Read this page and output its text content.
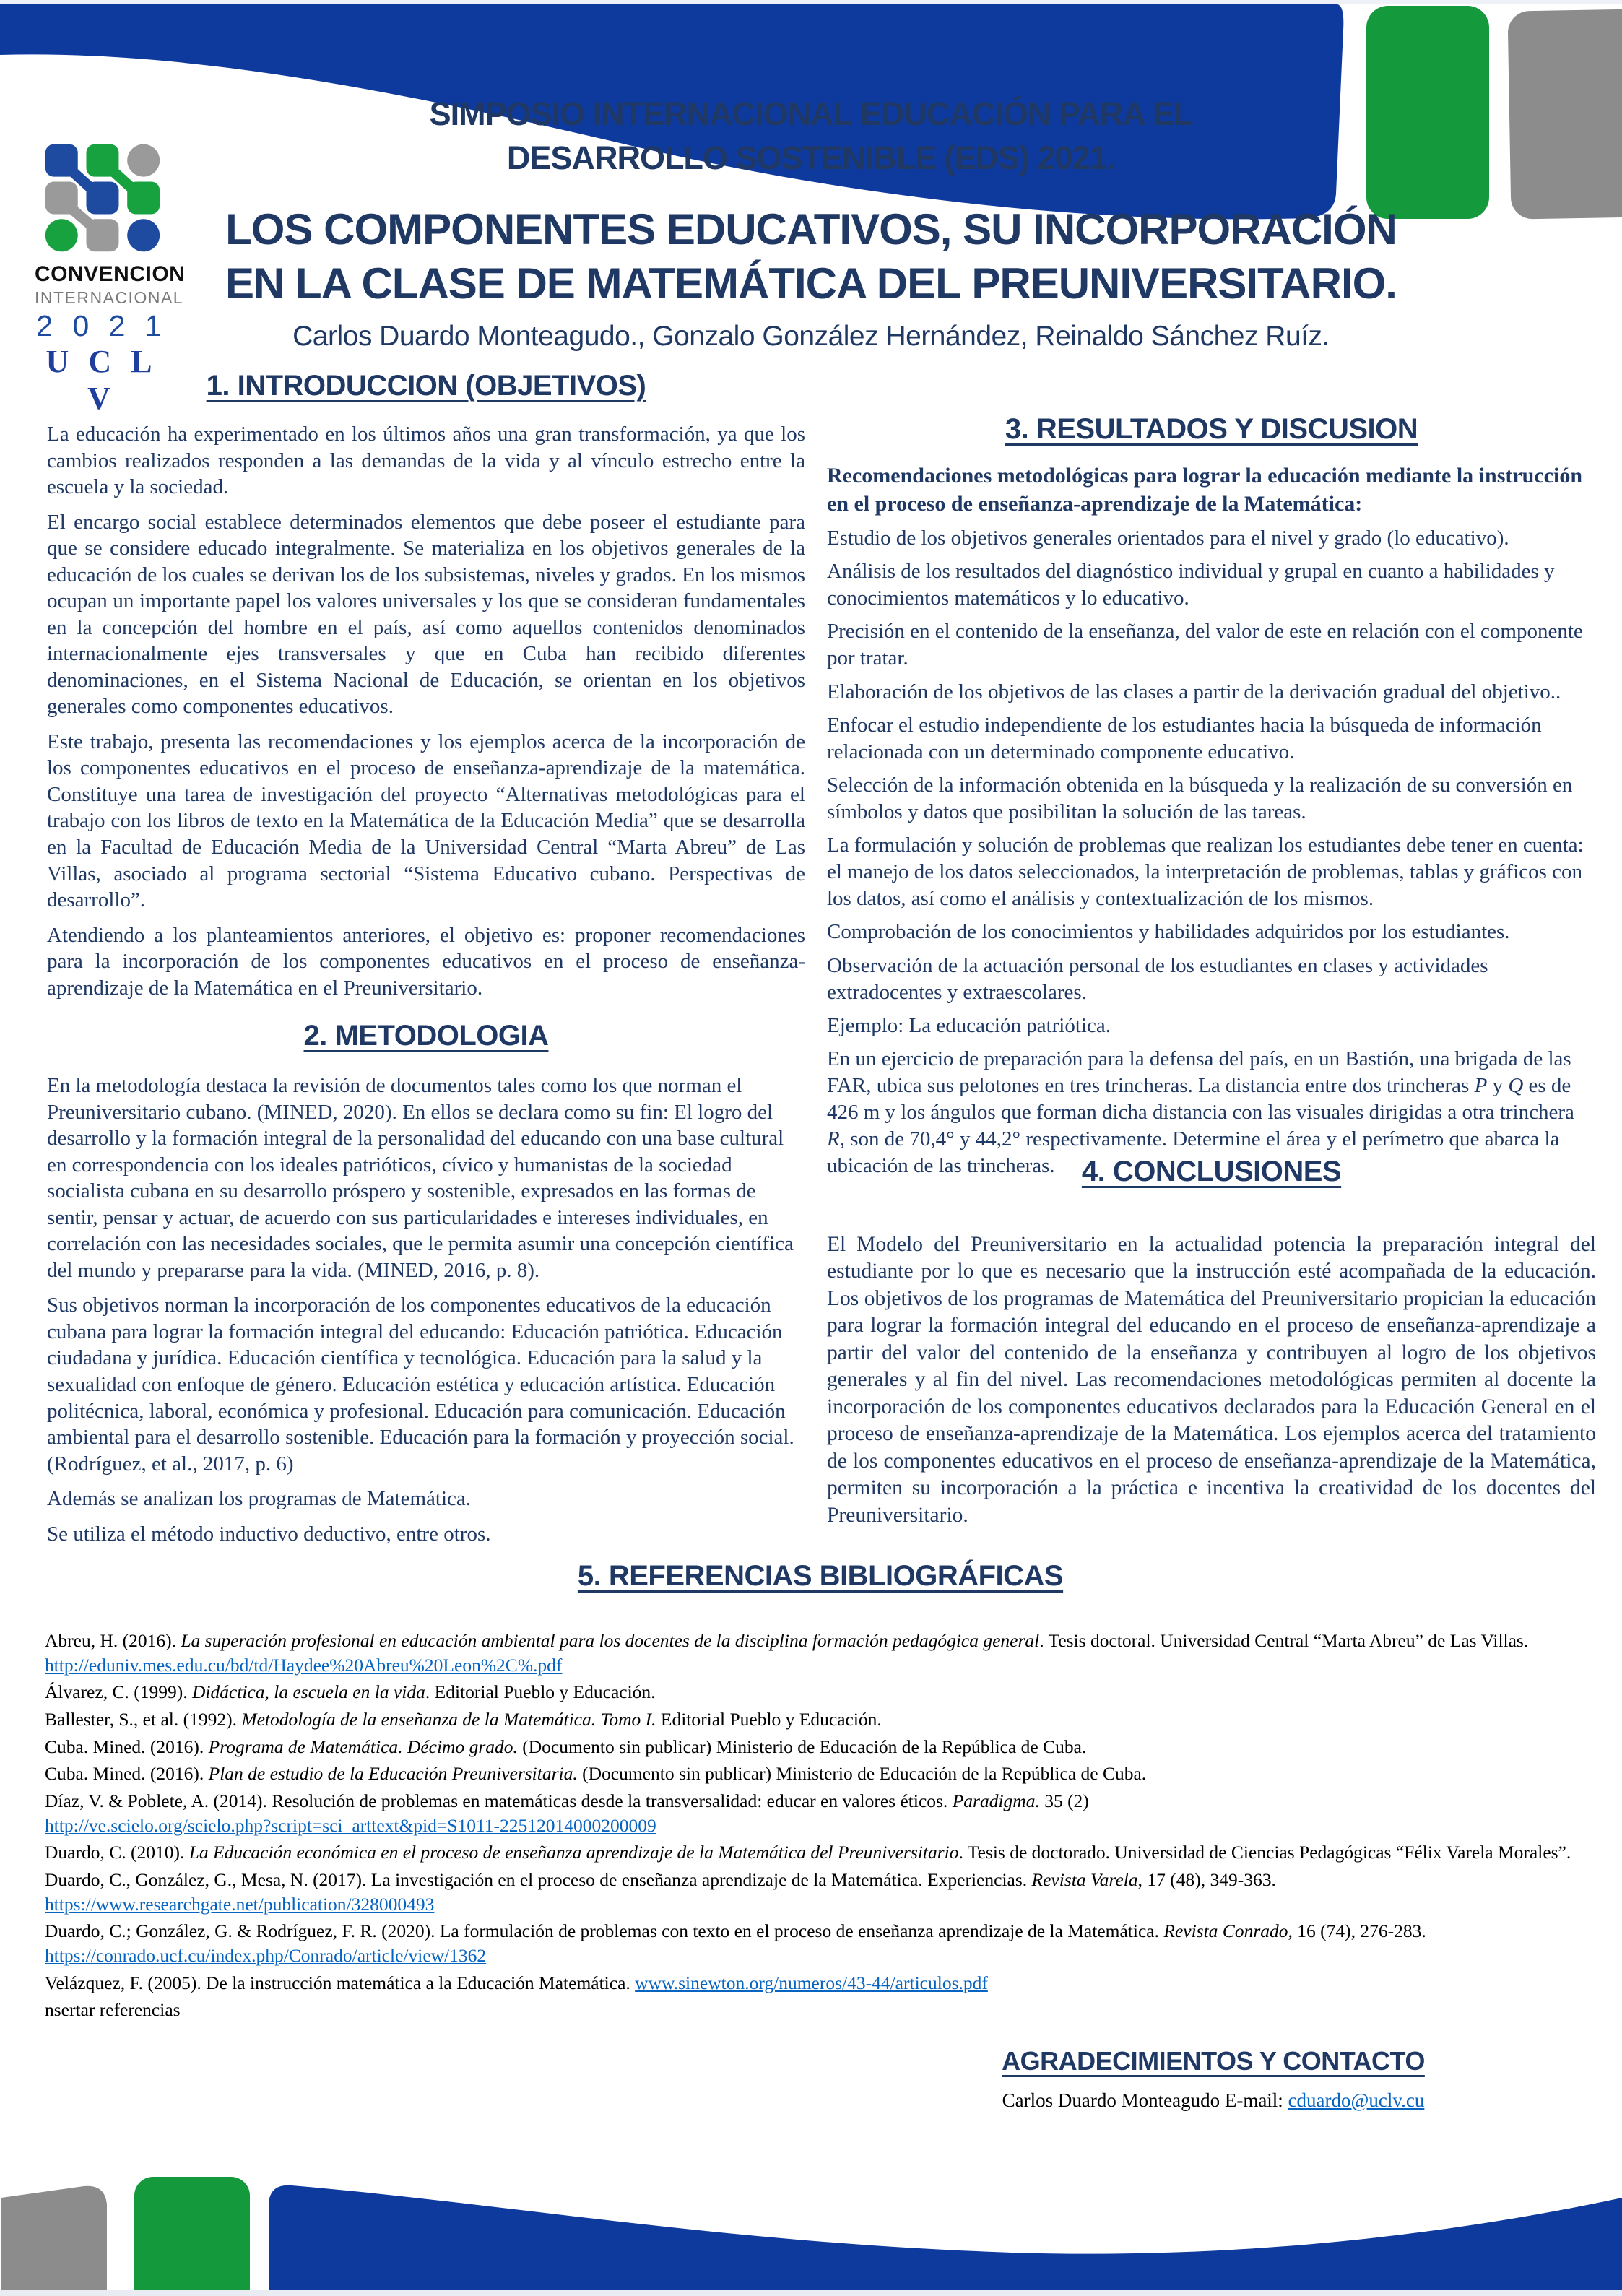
CONVENCION
INTERNACIONAL
2 0 2 1
U C L V
SIMPOSIO INTERNACIONAL EDUCACIÓN PARA EL DESARROLLO SOSTENIBLE (EDS) 2021.
LOS COMPONENTES EDUCATIVOS, SU INCORPORACIÓN EN LA CLASE DE MATEMÁTICA DEL PREUNIVERSITARIO.
Carlos Duardo Monteagudo., Gonzalo González Hernández, Reinaldo Sánchez Ruíz.
1. INTRODUCCION (OBJETIVOS)
La educación ha experimentado en los últimos años una gran transformación, ya que los cambios realizados responden a las demandas de la vida y al vínculo estrecho entre la escuela y la sociedad.
El encargo social establece determinados elementos que debe poseer el estudiante para que se considere educado integralmente. Se materializa en los objetivos generales de la educación de los cuales se derivan los de los subsistemas, niveles y grados. En los mismos ocupan un importante papel los valores universales y los que se consideran fundamentales en la concepción del hombre en el país, así como aquellos contenidos denominados internacionalmente ejes transversales y que en Cuba han recibido diferentes denominaciones, en el Sistema Nacional de Educación, se orientan en los objetivos generales como componentes educativos.
Este trabajo, presenta las recomendaciones y los ejemplos acerca de la incorporación de los componentes educativos en el proceso de enseñanza-aprendizaje de la matemática. Constituye una tarea de investigación del proyecto “Alternativas metodológicas para el trabajo con los libros de texto en la Matemática de la Educación Media” que se desarrolla en la Facultad de Educación Media de la Universidad Central “Marta Abreu” de Las Villas, asociado al programa sectorial “Sistema Educativo cubano. Perspectivas de desarrollo”.
Atendiendo a los planteamientos anteriores, el objetivo es: proponer recomendaciones para la incorporación de los componentes educativos en el proceso de enseñanza-aprendizaje de la Matemática en el Preuniversitario.
2. METODOLOGIA
En la metodología destaca la revisión de documentos tales como los que norman el Preuniversitario cubano. (MINED, 2020). En ellos se declara como su fin: El logro del desarrollo y la formación integral de la personalidad del educando con una base cultural en correspondencia con los ideales patrióticos, cívico y humanistas de la sociedad socialista cubana en su desarrollo próspero y sostenible, expresados en las formas de sentir, pensar y actuar, de acuerdo con sus particularidades e intereses individuales, en correlación con las necesidades sociales, que le permita asumir una concepción científica del mundo y prepararse para la vida. (MINED, 2016, p. 8).
Sus objetivos norman la incorporación de los componentes educativos de la educación cubana para lograr la formación integral del educando: Educación patriótica. Educación ciudadana y jurídica. Educación científica y tecnológica. Educación para la salud y la sexualidad con enfoque de género. Educación estética y educación artística. Educación politécnica, laboral, económica y profesional. Educación para comunicación. Educación ambiental para el desarrollo sostenible. Educación para la formación y proyección social. (Rodríguez, et al., 2017, p. 6)
Además se analizan los programas de Matemática.
Se utiliza el método inductivo deductivo, entre otros.
3. RESULTADOS Y DISCUSION
Recomendaciones metodológicas para lograr la educación mediante la instrucción en el proceso de enseñanza-aprendizaje de la Matemática:
Estudio de los objetivos generales orientados para el nivel y grado (lo educativo).
Análisis de los resultados del diagnóstico individual y grupal en cuanto a habilidades y conocimientos matemáticos y lo educativo.
Precisión en el contenido de la enseñanza, del valor de este en relación con el componente por tratar.
Elaboración de los objetivos de las clases a partir de la derivación gradual del objetivo..
Enfocar el estudio independiente de los estudiantes hacia la búsqueda de información relacionada con un determinado componente educativo.
Selección de la información obtenida en la búsqueda y la realización de su conversión en símbolos y datos que posibilitan la solución de las tareas.
La formulación y solución de problemas que realizan los estudiantes debe tener en cuenta: el manejo de los datos seleccionados, la interpretación de problemas, tablas y gráficos con los datos, así como el análisis y contextualización de los mismos.
Comprobación de los conocimientos y habilidades adquiridos por los estudiantes.
Observación de la actuación personal de los estudiantes en clases y actividades extradocentes y extraescolares.
Ejemplo: La educación patriótica.
En un ejercicio de preparación para la defensa del país, en un Bastión, una brigada de las FAR, ubica sus pelotones en tres trincheras. La distancia entre dos trincheras P y Q es de 426 m y los ángulos que forman dicha distancia con las visuales dirigidas a otra trinchera R, son de 70,4° y 44,2° respectivamente. Determine el área y el perímetro que abarca la ubicación de las trincheras. 4. CONCLUSIONES
El Modelo del Preuniversitario en la actualidad potencia la preparación integral del estudiante por lo que es necesario que la instrucción esté acompañada de la educación. Los objetivos de los programas de Matemática del Preuniversitario propician la educación para lograr la formación integral del educando en el proceso de enseñanza-aprendizaje a partir del valor del contenido de la enseñanza y contribuyen al logro de los objetivos generales y al fin del nivel. Las recomendaciones metodológicas permiten al docente la incorporación de los componentes educativos declarados para la Educación General en el proceso de enseñanza-aprendizaje de la Matemática. Los ejemplos acerca del tratamiento de los componentes educativos en el proceso de enseñanza-aprendizaje de la Matemática, permiten su incorporación a la práctica e incentiva la creatividad de los docentes del Preuniversitario.
5. REFERENCIAS BIBLIOGRÁFICAS
Abreu, H. (2016). La superación profesional en educación ambiental para los docentes de la disciplina formación pedagógica general. Tesis doctoral. Universidad Central “Marta Abreu” de Las Villas. http://eduniv.mes.edu.cu/bd/td/Haydee%20Abreu%20Leon%2C%.pdf
Álvarez, C. (1999). Didáctica, la escuela en la vida. Editorial Pueblo y Educación.
Ballester, S., et al. (1992). Metodología de la enseñanza de la Matemática. Tomo I. Editorial Pueblo y Educación.
Cuba. Mined. (2016). Programa de Matemática. Décimo grado. (Documento sin publicar) Ministerio de Educación de la República de Cuba.
Cuba. Mined. (2016). Plan de estudio de la Educación Preuniversitaria. (Documento sin publicar) Ministerio de Educación de la República de Cuba.
Díaz, V. & Poblete, A. (2014). Resolución de problemas en matemáticas desde la transversalidad: educar en valores éticos. Paradigma. 35 (2)
http://ve.scielo.org/scielo.php?script=sci_arttext&pid=S1011-22512014000200009
Duardo, C. (2010). La Educación económica en el proceso de enseñanza aprendizaje de la Matemática del Preuniversitario. Tesis de doctorado. Universidad de Ciencias Pedagógicas “Félix Varela Morales”.
Duardo, C., González, G., Mesa, N. (2017). La investigación en el proceso de enseñanza aprendizaje de la Matemática. Experiencias. Revista Varela, 17 (48), 349-363.
https://www.researchgate.net/publication/328000493
Duardo, C.; González, G. & Rodríguez, F. R. (2020). La formulación de problemas con texto en el proceso de enseñanza aprendizaje de la Matemática. Revista Conrado, 16 (74), 276-283.
https://conrado.ucf.cu/index.php/Conrado/article/view/1362
Velázquez, F. (2005). De la instrucción matemática a la Educación Matemática. www.sinewton.org/numeros/43-44/articulos.pdf
nsertar referencias
AGRADECIMIENTOS Y CONTACTO
Carlos Duardo Monteagudo E-mail: cduardo@uclv.cu
